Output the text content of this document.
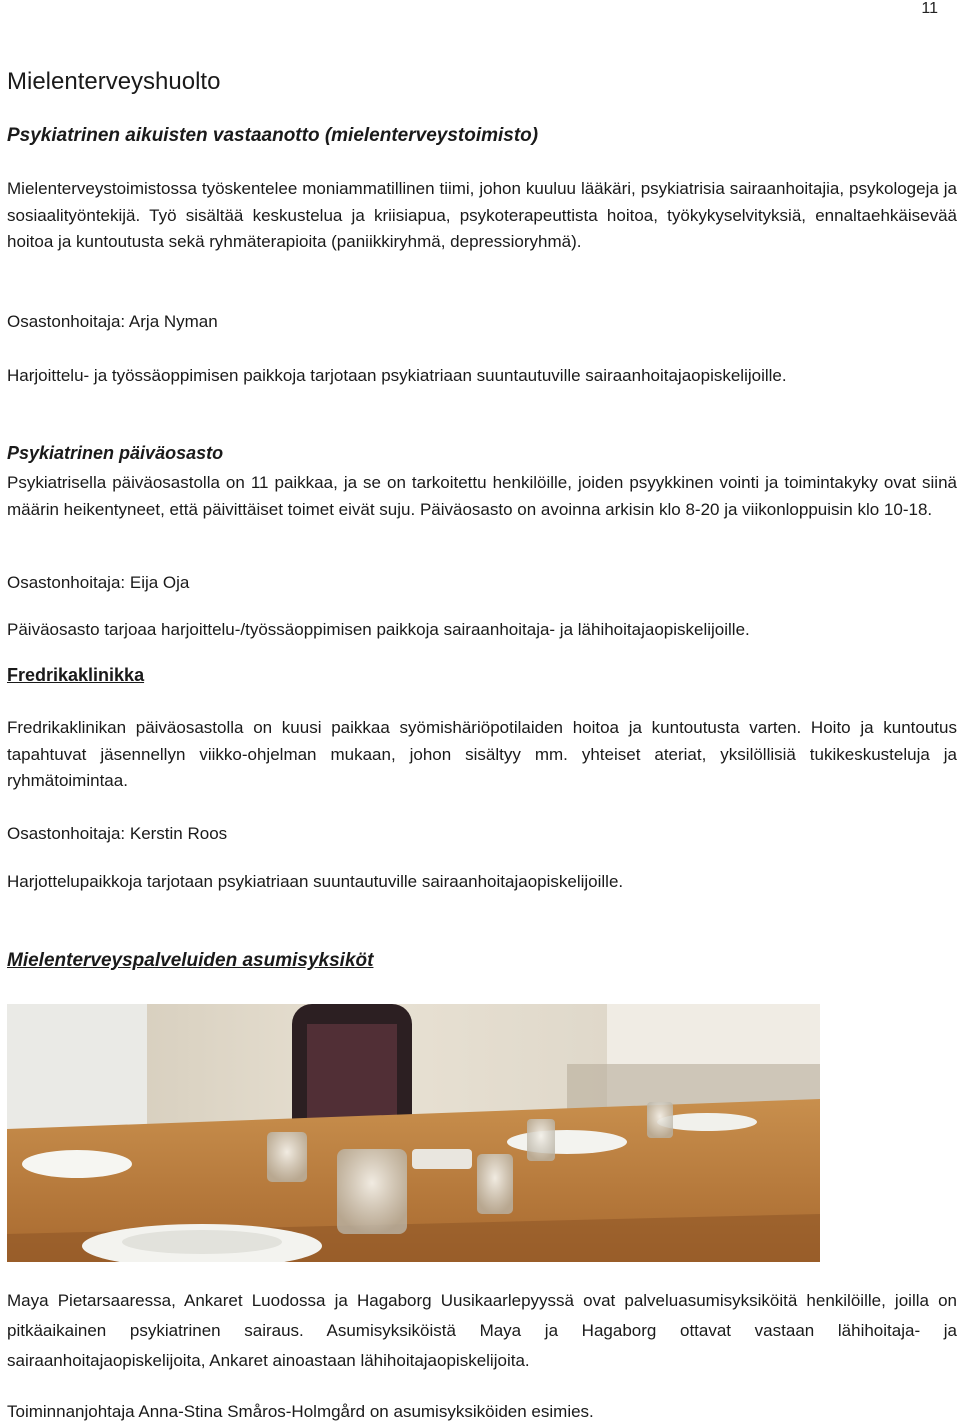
11
Mielenterveyshuolto
Psykiatrinen aikuisten vastaanotto (mielenterveystoimisto)

Mielenterveystoimistossa työskentelee moniammatillinen tiimi, johon kuuluu lääkäri, psykiatrisia sairaanhoitajia, psykologeja ja sosiaalityöntekijä. Työ sisältää keskustelua ja kriisiapua, psykoterapeuttista hoitoa, työkykyselvityksiä, ennaltaehkäisevää hoitoa ja kuntoutusta sekä ryhmäterapioita (paniikkiryhmä, depressioryhmä).

Osastonhoitaja: Arja Nyman

Harjoittelu- ja työssäoppimisen paikkoja tarjotaan psykiatriaan suuntautuville sairaanhoitajaopiskelijoille.

Psykiatrinen päiväosasto

Psykiatrisella päiväosastolla on 11 paikkaa, ja se on tarkoitettu henkilöille, joiden psyykkinen vointi ja toimintakyky ovat siinä määrin heikentyneet, että päivittäiset toimet eivät suju. Päiväosasto on avoinna arkisin klo 8-20 ja viikonloppuisin klo 10-18.

Osastonhoitaja: Eija Oja

Päiväosasto tarjoaa harjoittelu-/työssäoppimisen paikkoja sairaanhoitaja- ja lähihoitajaopiskelijoille.

Fredrikaklinikka

Fredrikaklinikan päiväosastolla on kuusi paikkaa syömishäriöpotilaiden hoitoa ja kuntoutusta varten. Hoito ja kuntoutus tapahtuvat jäsennellyn viikko-ohjelman mukaan, johon sisältyy mm. yhteiset ateriat, yksilöllisiä tukikeskusteluja ja ryhmätoimintaa.

Osastonhoitaja: Kerstin Roos

Harjottelupaikkoja tarjotaan psykiatriaan suuntautuville sairaanhoitajaopiskelijoille.

Mielenterveyspalveluiden asumisyksiköt

Maya Pietarsaaressa, Ankaret Luodossa ja Hagaborg Uusikaarlepyyssä ovat palveluasumisyksiköitä henkilöille, joilla on pitkäaikainen psykiatrinen sairaus. Asumisyksiköistä Maya ja Hagaborg ottavat vastaan lähihoitaja- ja sairaanhoitajaopiskelijoita, Ankaret ainoastaan lähihoitajaopiskelijoita.

Toiminnanjohtaja Anna-Stina Småros-Holmgård on asumisyksiköiden esimies.
